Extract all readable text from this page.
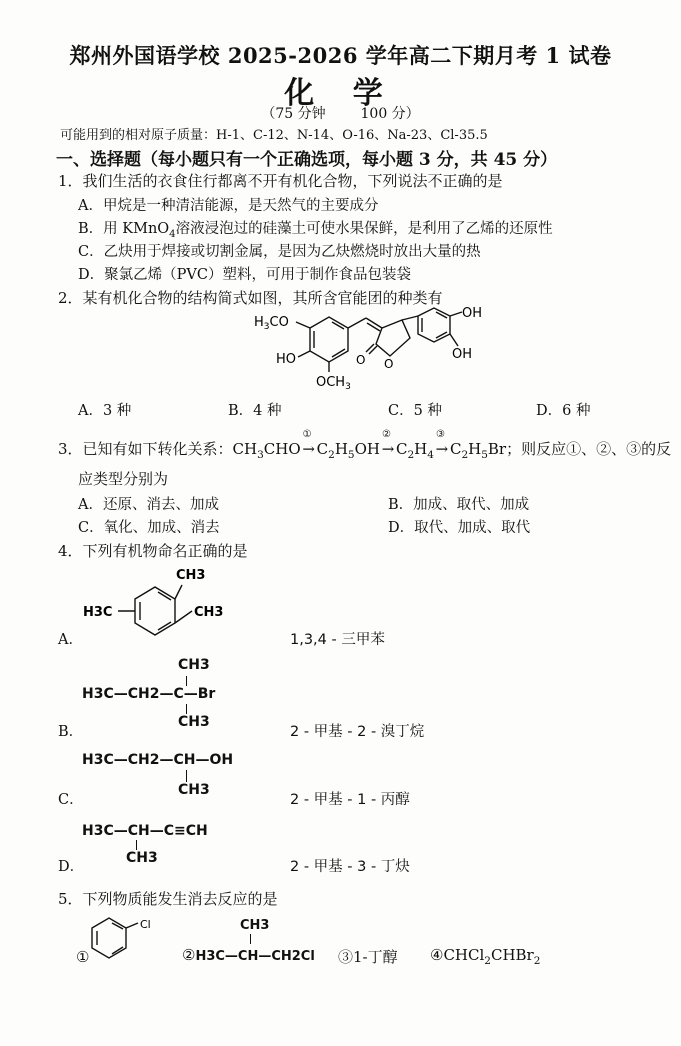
郑州外国语学校 2025-2026 学年高二下期月考 1 试卷
化 学
（75 分钟 100 分）
可能用到的相对原子质量：H-1、C-12、N-14、O-16、Na-23、Cl-35.5
一、选择题（每小题只有一个正确选项，每小题 3 分，共 45 分）
1．我们生活的衣食住行都离不开有机化合物，下列说法不正确的是
A．甲烷是一种清洁能源，是天然气的主要成分
B．用 KMnO$_4$溶液浸泡过的硅藻土可使水果保鲜，是利用了乙烯的还原性
C．乙炔用于焊接或切割金属，是因为乙炔燃烧时放出大量的热
D．聚氯乙烯（PVC）塑料，可用于制作食品包装袋
2．某有机化合物的结构简式如图，其所含官能团的种类有
$H_3CO$
HO
$OCH_3$
O
O
OH
OH
A．3 种	B．4 种	C．5 种	D．6 种
3．已知有如下转化关系：$CH_3CHO$
①
→ $C_2H_5OH$
②
→ $C_2H_4$
③
→ $C_2H_5Br$；则反应①、②、③的反
应类型分别为
A．还原、消去、加成	B．加成、取代、加成
C．氧化、加成、消去	D．取代、加成、取代
4．下列有机物命名正确的是
CH3
H3C	CH3
A．	1,3,4 - 三甲苯
CH3
H3C—CH2—C—Br
CH3
B．	2 - 甲基 - 2 - 溴丁烷
H3C—CH2—CH—OH
CH3
C．	2 - 甲基 - 1 - 丙醇
H3C—CH—C≡CH
CH3
D．	2 - 甲基 - 3 - 丁炔
5．下列物质能发生消去反应的是
Cl
①
CH3
②H3C—CH—CH2Cl ③1-丁醇 ④CHCl$_2$CHBr$_2$
